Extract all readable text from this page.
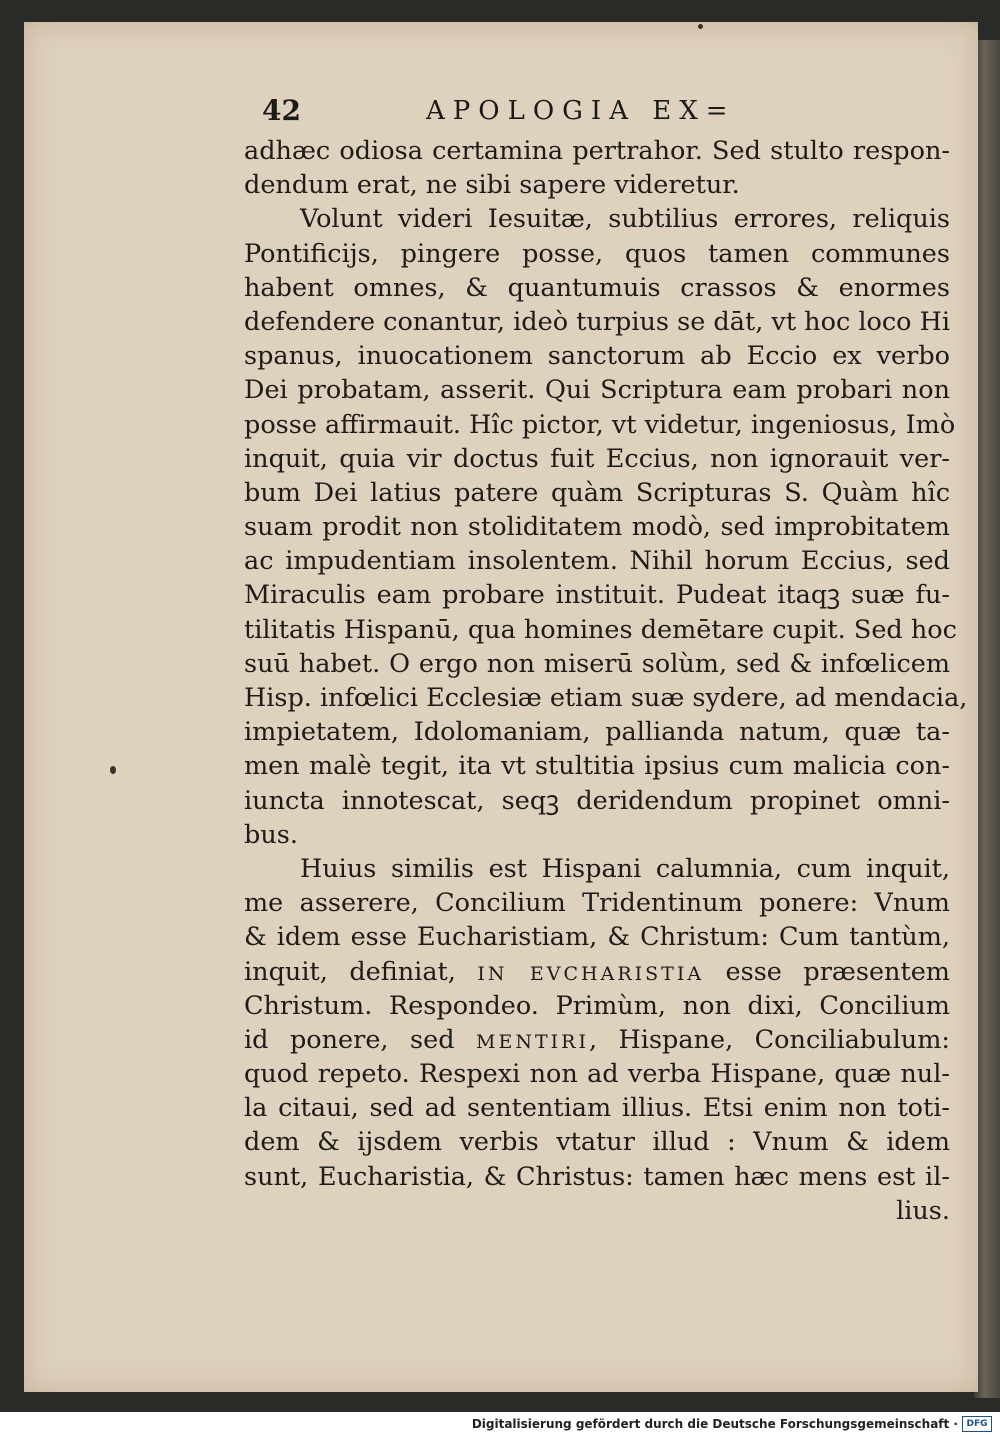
42	APOLOGIA EX=
adhæc odiosa certamina pertrahor. Sed stulto respon-
dendum erat, ne sibi sapere videretur.
Volunt videri Iesuitæ, subtilius errores, reliquis
Pontificijs, pingere posse, quos tamen communes
habent omnes, & quantumuis crassos & enormes
defendere conantur, ideò turpius se dāt, vt hoc loco Hi
spanus, inuocationem sanctorum ab Eccio ex verbo
Dei probatam, asserit. Qui Scriptura eam probari non
posse affirmauit. Hîc pictor, vt videtur, ingeniosus, Imò
inquit, quia vir doctus fuit Eccius, non ignorauit ver-
bum Dei latius patere quàm Scripturas S. Quàm hîc
suam prodit non stoliditatem modò, sed improbitatem
ac impudentiam insolentem. Nihil horum Eccius, sed
Miraculis eam probare instituit. Pudeat itaqꝫ suæ fu-
tilitatis Hispanū, qua homines demētare cupit. Sed hoc
suū habet. O ergo non miserū solùm, sed & infœlicem
Hisp. infœlici Ecclesiæ etiam suæ sydere, ad mendacia,
impietatem, Idolomaniam, palliandа natum, quæ ta-
men malè tegit, ita vt stultitia ipsius cum malicia con-
iuncta innotescat, seqꝫ deridendum propinet omni-
bus.
Huius similis est Hispani calumnia, cum inquit,
me asserere, Concilium Tridentinum ponere: Vnum
& idem esse Eucharistiam, & Christum: Cum tantùm,
inquit, definiat, IN EVCHARISTIA esse præsentem
Christum. Respondeo. Primùm, non dixi, Concilium
id ponere, sed MENTIRI, Hispane, Conciliabulum:
quod repeto. Respexi non ad verba Hispane, quæ nul-
la citaui, sed ad sententiam illius. Etsi enim non toti-
dem & ijsdem verbis vtatur illud : Vnum & idem
sunt, Eucharistia, & Christus: tamen hæc mens est il-
lius.
Digitalisierung gefördert durch die Deutsche Forschungsgemeinschaft · DFG
